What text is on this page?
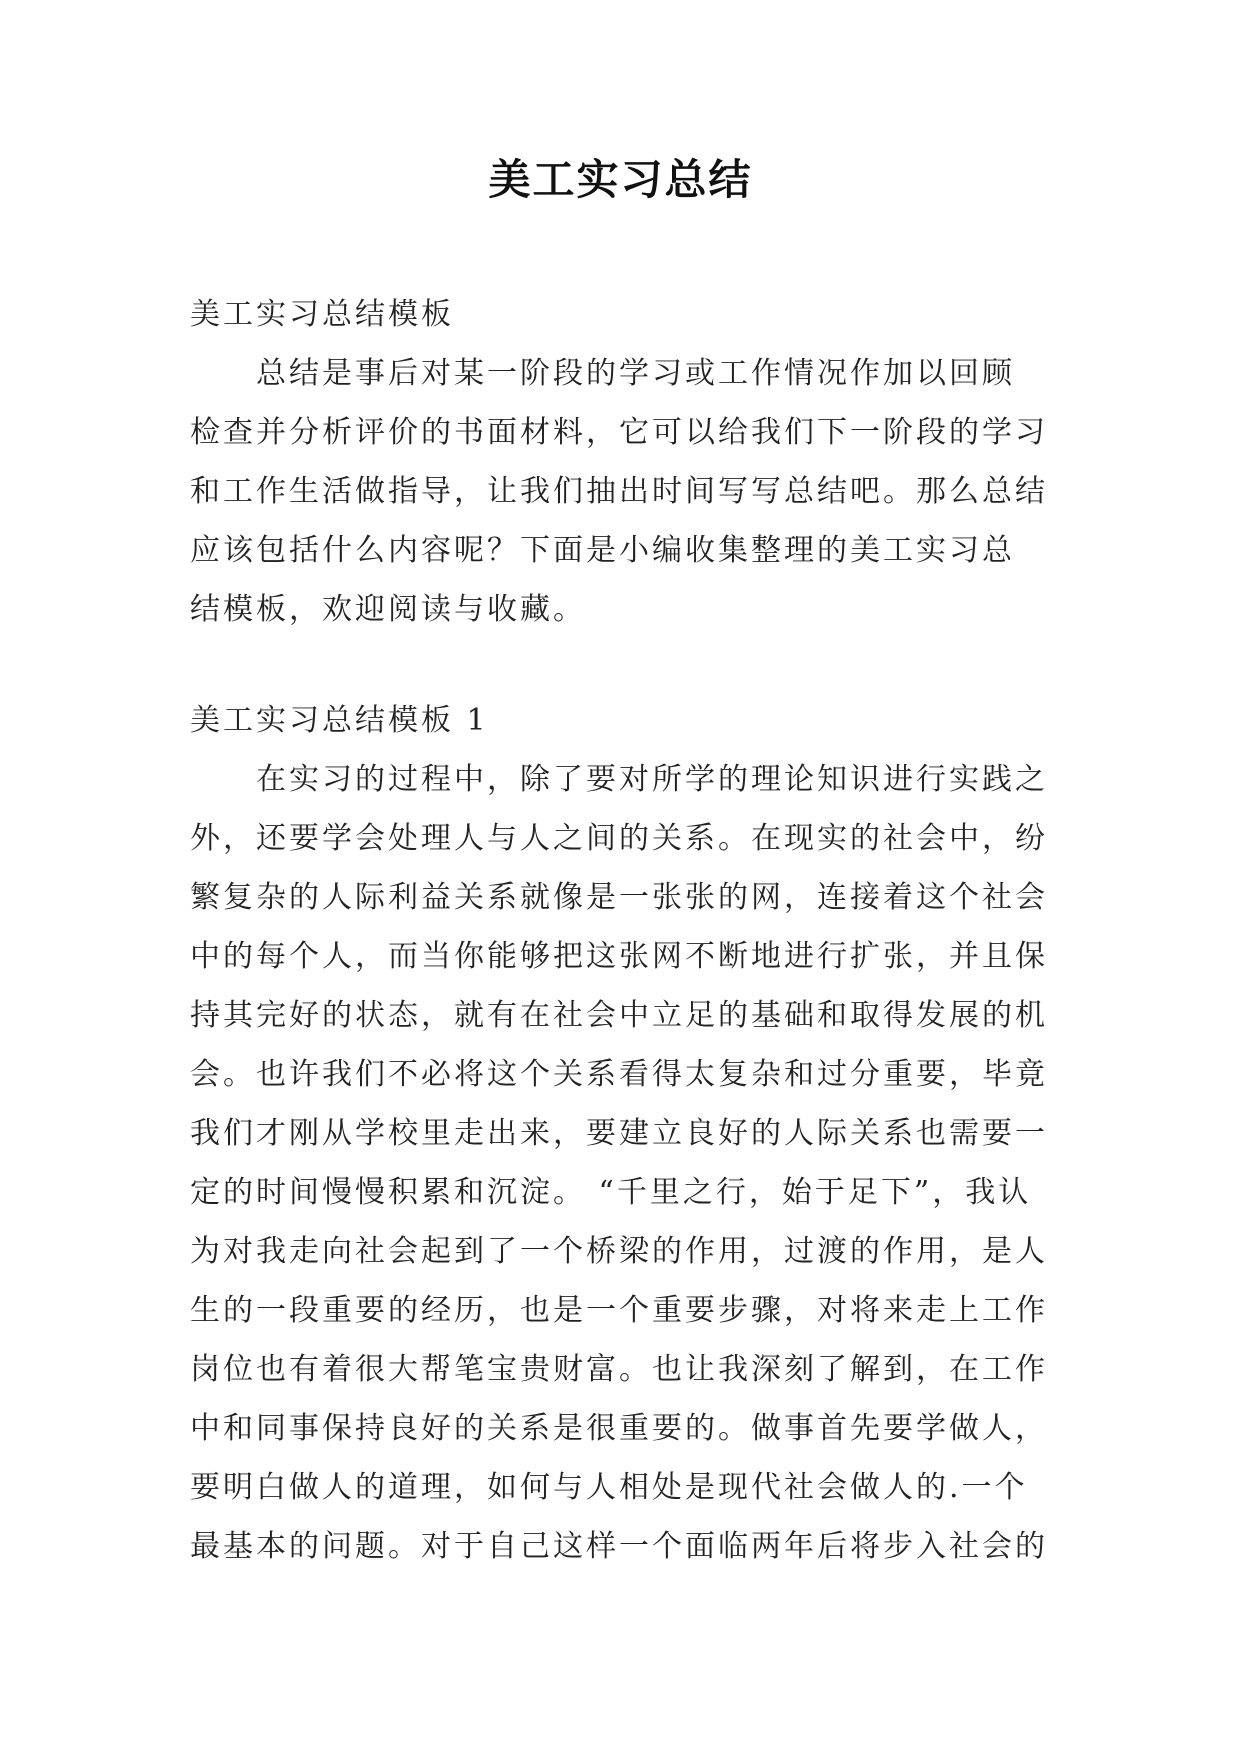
美工实习总结
美工实习总结模板
总结是事后对某一阶段的学习或工作情况作加以回顾
检查并分析评价的书面材料，它可以给我们下一阶段的学习
和工作生活做指导，让我们抽出时间写写总结吧。那么总结
应该包括什么内容呢？下面是小编收集整理的美工实习总
结模板，欢迎阅读与收藏。
美工实习总结模板 1
在实习的过程中，除了要对所学的理论知识进行实践之
外，还要学会处理人与人之间的关系。在现实的社会中，纷
繁复杂的人际利益关系就像是一张张的网，连接着这个社会
中的每个人，而当你能够把这张网不断地进行扩张，并且保
持其完好的状态，就有在社会中立足的基础和取得发展的机
会。也许我们不必将这个关系看得太复杂和过分重要，毕竟
我们才刚从学校里走出来，要建立良好的人际关系也需要一
定的时间慢慢积累和沉淀。 “千里之行，始于足下”，我认
为对我走向社会起到了一个桥梁的作用，过渡的作用，是人
生的一段重要的经历，也是一个重要步骤，对将来走上工作
岗位也有着很大帮笔宝贵财富。也让我深刻了解到，在工作
中和同事保持良好的关系是很重要的。做事首先要学做人，
要明白做人的道理，如何与人相处是现代社会做人的.一个
最基本的问题。对于自己这样一个面临两年后将步入社会的
